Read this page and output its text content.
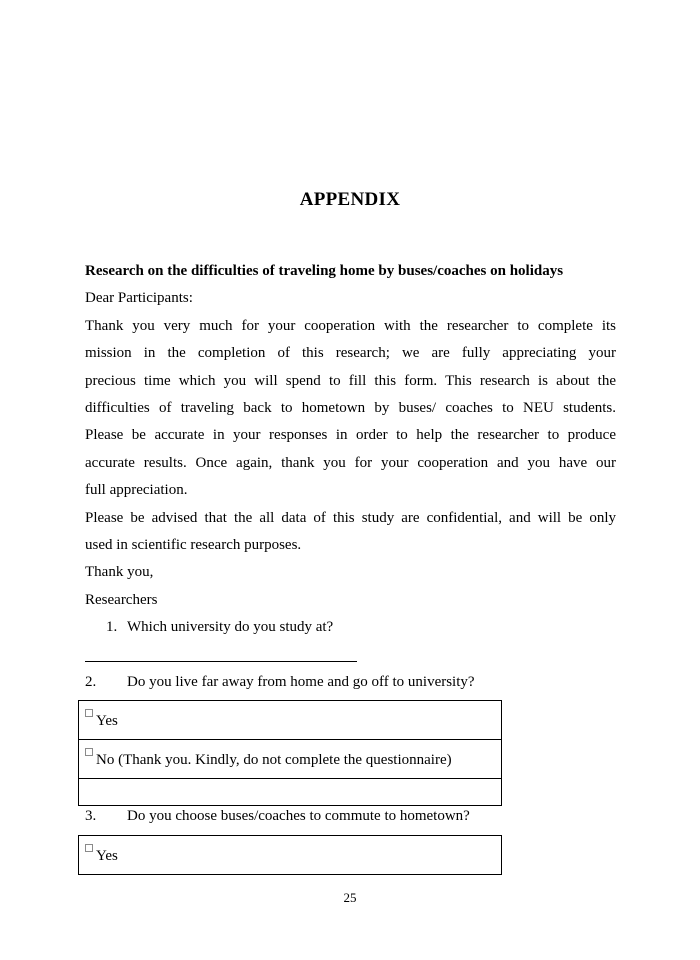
APPENDIX
Research on the difficulties of traveling home by buses/coaches on holidays
Dear Participants:
Thank you very much for your cooperation with the researcher to complete its
mission in the completion of this research; we are fully appreciating your
precious time which you will spend to fill this form. This research is about the
difficulties of traveling back to hometown by buses/ coaches to NEU students.
Please be accurate in your responses in order to help the researcher to produce
accurate results. Once again, thank you for your cooperation and you have our
full appreciation.
Please be advised that the all data of this study are confidential, and will be only
used in scientific research purposes.
Thank you,
Researchers
1. Which university do you study at?
2. Do you live far away from home and go off to university?
Yes
No (Thank you. Kindly, do not complete the questionnaire)

3. Do you choose buses/coaches to commute to hometown?
Yes
25
